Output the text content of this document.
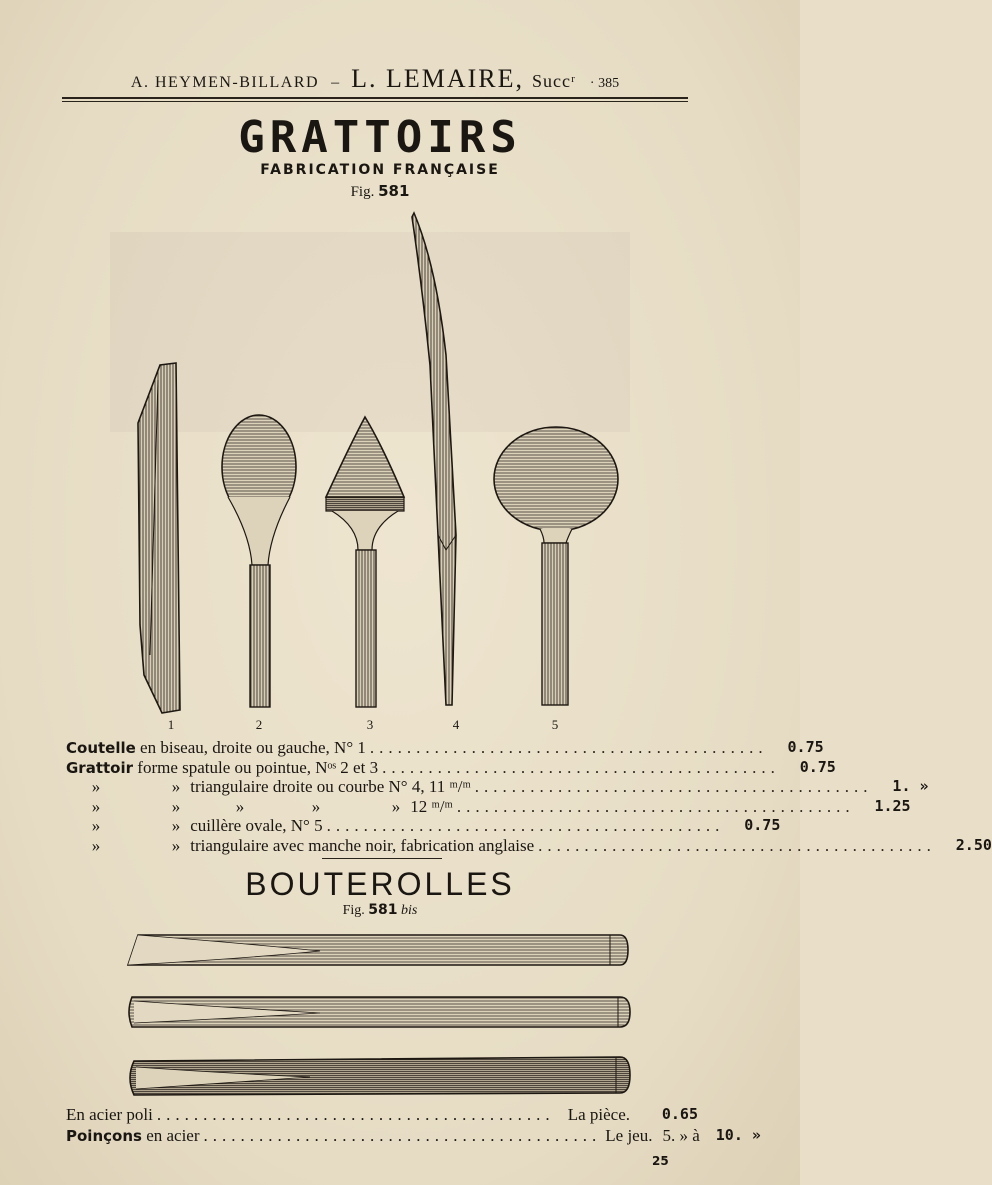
A. HEYMEN-BILLARD – L. LEMAIRE, Succʳ · 385
GRATTOIRS
FABRICATION FRANÇAISE
Fig. 581
1	2	3	4	5
Coutelle en biseau, droite ou gauche, N° 1 ...........................................	0.75
Grattoir forme spatule ou pointue, Nᵒˢ 2 et 3 ...........................................	0.75
»	» triangulaire droite ou courbe N° 4, 11 ᵐ/ᵐ ...........................................	1. »
»	»	»	»	» 12 ᵐ/ᵐ ...........................................	1.25
»	» cuillère ovale, N° 5 ...........................................	0.75
»	» triangulaire avec manche noir, fabrication anglaise ...........................................	2.50
BOUTEROLLES
Fig. 581 bis
En acier poli ........................................... La pièce.	0.65
Poinçons en acier ........................................... Le jeu. 5. » à 10. »
25
